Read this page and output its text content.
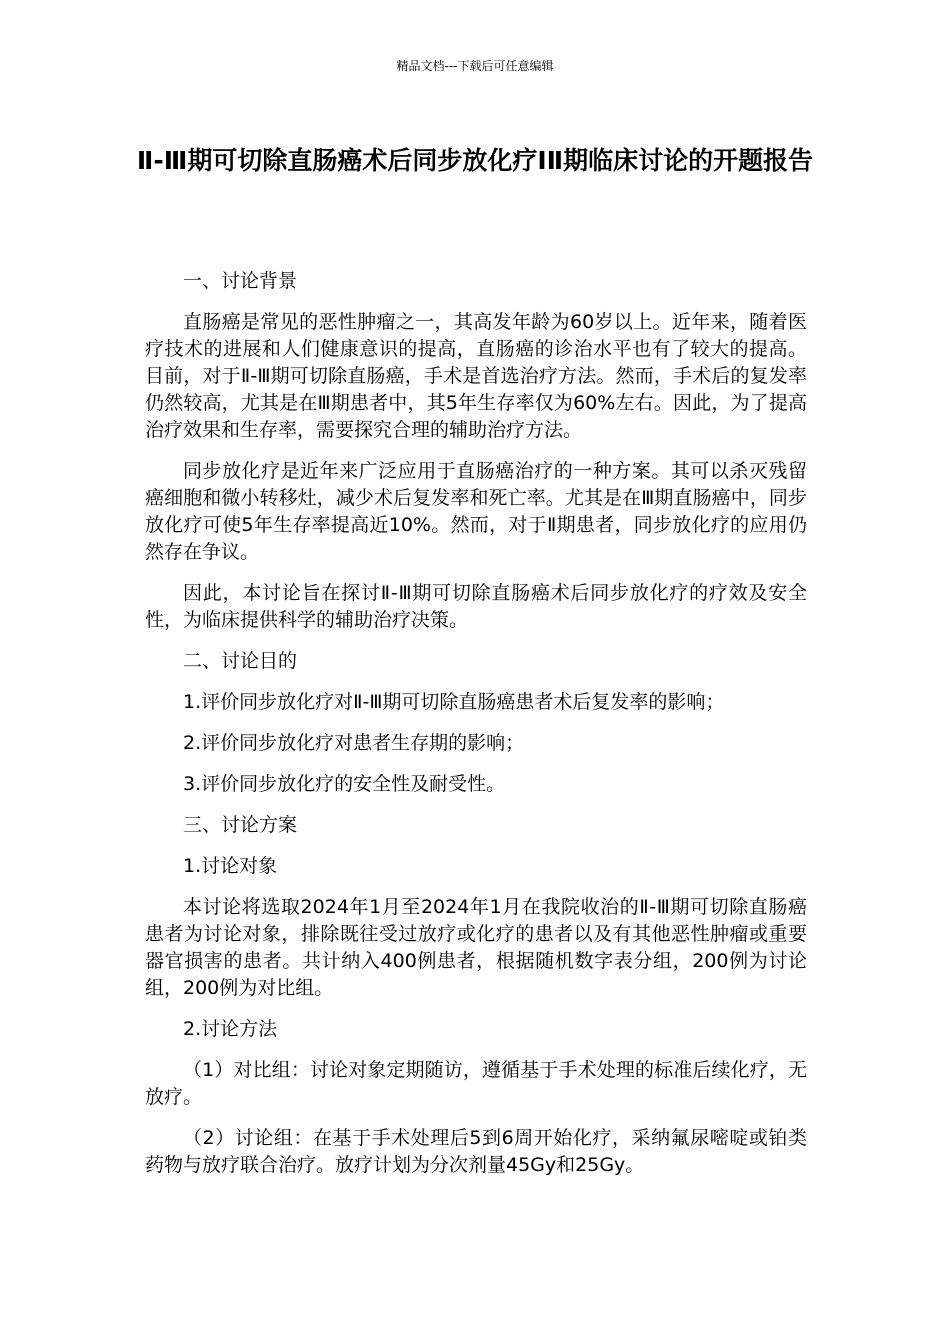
精品文档---下载后可任意编辑
Ⅱ-Ⅲ期可切除直肠癌术后同步放化疗ⅠⅡ期临床讨论的开题报告

一、讨论背景

直肠癌是常见的恶性肿瘤之一，其高发年龄为60岁以上。近年来，随着医疗技术的进展和人们健康意识的提高，直肠癌的诊治水平也有了较大的提高。目前，对于Ⅱ-Ⅲ期可切除直肠癌，手术是首选治疗方法。然而，手术后的复发率仍然较高，尤其是在Ⅲ期患者中，其5年生存率仅为60%左右。因此，为了提高治疗效果和生存率，需要探究合理的辅助治疗方法。

同步放化疗是近年来广泛应用于直肠癌治疗的一种方案。其可以杀灭残留癌细胞和微小转移灶，减少术后复发率和死亡率。尤其是在Ⅲ期直肠癌中，同步放化疗可使5年生存率提高近10%。然而，对于Ⅱ期患者，同步放化疗的应用仍然存在争议。

因此，本讨论旨在探讨Ⅱ-Ⅲ期可切除直肠癌术后同步放化疗的疗效及安全性，为临床提供科学的辅助治疗决策。

二、讨论目的

1.评价同步放化疗对Ⅱ-Ⅲ期可切除直肠癌患者术后复发率的影响；

2.评价同步放化疗对患者生存期的影响；

3.评价同步放化疗的安全性及耐受性。

三、讨论方案

1.讨论对象

本讨论将选取2024年1月至2024年1月在我院收治的Ⅱ-Ⅲ期可切除直肠癌患者为讨论对象，排除既往受过放疗或化疗的患者以及有其他恶性肿瘤或重要器官损害的患者。共计纳入400例患者，根据随机数字表分组，200例为讨论组，200例为对比组。

2.讨论方法

（1）对比组：讨论对象定期随访，遵循基于手术处理的标准后续化疗，无放疗。

（2）讨论组：在基于手术处理后5到6周开始化疗，采纳氟尿嘧啶或铂类药物与放疗联合治疗。放疗计划为分次剂量45Gy和25Gy。
